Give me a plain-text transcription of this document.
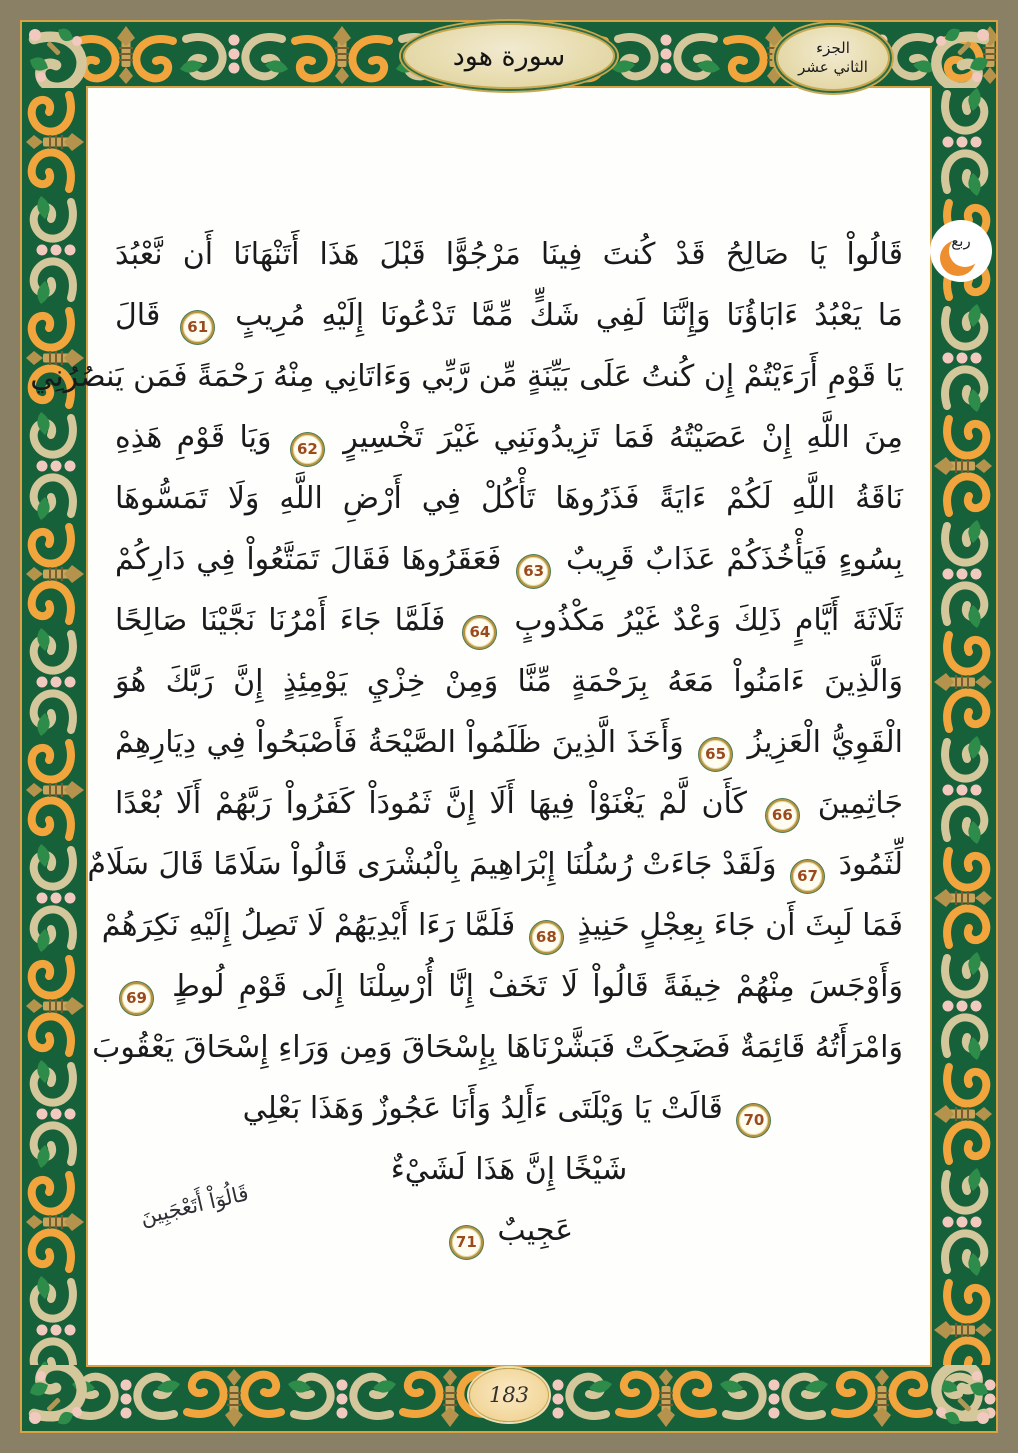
سورة هود	الجزء
الثاني عشر
ربع
قَالُواْ يَا صَالِحُ قَدْ كُنتَ فِينَا مَرْجُوًّا قَبْلَ هَذَا أَتَنْهَانَا أَن نَّعْبُدَ
مَا يَعْبُدُ ءَابَاؤُنَا وَإِنَّنَا لَفِي شَكٍّ مِّمَّا تَدْعُونَا إِلَيْهِ مُرِيبٍ 61 قَالَ
يَا قَوْمِ أَرَءَيْتُمْ إِن كُنتُ عَلَى بَيِّنَةٍ مِّن رَّبِّي وَءَاتَانِي مِنْهُ رَحْمَةً فَمَن يَنصُرُنِي
مِنَ اللَّهِ إِنْ عَصَيْتُهُ فَمَا تَزِيدُونَنِي غَيْرَ تَخْسِيرٍ 62 وَيَا قَوْمِ هَذِهِ
نَاقَةُ اللَّهِ لَكُمْ ءَايَةً فَذَرُوهَا تَأْكُلْ فِي أَرْضِ اللَّهِ وَلَا تَمَسُّوهَا
بِسُوءٍ فَيَأْخُذَكُمْ عَذَابٌ قَرِيبٌ 63 فَعَقَرُوهَا فَقَالَ تَمَتَّعُواْ فِي دَارِكُمْ
ثَلَاثَةَ أَيَّامٍ ذَلِكَ وَعْدٌ غَيْرُ مَكْذُوبٍ 64 فَلَمَّا جَاءَ أَمْرُنَا نَجَّيْنَا صَالِحًا
وَالَّذِينَ ءَامَنُواْ مَعَهُ بِرَحْمَةٍ مِّنَّا وَمِنْ خِزْيِ يَوْمِئِذٍ إِنَّ رَبَّكَ هُوَ
الْقَوِيُّ الْعَزِيزُ 65 وَأَخَذَ الَّذِينَ ظَلَمُواْ الصَّيْحَةُ فَأَصْبَحُواْ فِي دِيَارِهِمْ
جَاثِمِينَ 66 كَأَن لَّمْ يَغْنَوْاْ فِيهَا أَلَا إِنَّ ثَمُودَاْ كَفَرُواْ رَبَّهُمْ أَلَا بُعْدًا
لِّثَمُودَ 67 وَلَقَدْ جَاءَتْ رُسُلُنَا إِبْرَاهِيمَ بِالْبُشْرَى قَالُواْ سَلَامًا قَالَ سَلَامٌ
فَمَا لَبِثَ أَن جَاءَ بِعِجْلٍ حَنِيذٍ 68 فَلَمَّا رَءَا أَيْدِيَهُمْ لَا تَصِلُ إِلَيْهِ نَكِرَهُمْ
وَأَوْجَسَ مِنْهُمْ خِيفَةً قَالُواْ لَا تَخَفْ إِنَّا أُرْسِلْنَا إِلَى قَوْمِ لُوطٍ 69
وَامْرَأَتُهُ قَائِمَةٌ فَضَحِكَتْ فَبَشَّرْنَاهَا بِإِسْحَاقَ وَمِن وَرَاءِ إِسْحَاقَ يَعْقُوبَ
70 قَالَتْ يَا وَيْلَتَى ءَأَلِدُ وَأَنَا عَجُوزٌ وَهَذَا بَعْلِي
شَيْخًا إِنَّ هَذَا لَشَيْءٌ
عَجِيبٌ 71
قَالُوٓاْ أَتَعْجَبِينَ
183
